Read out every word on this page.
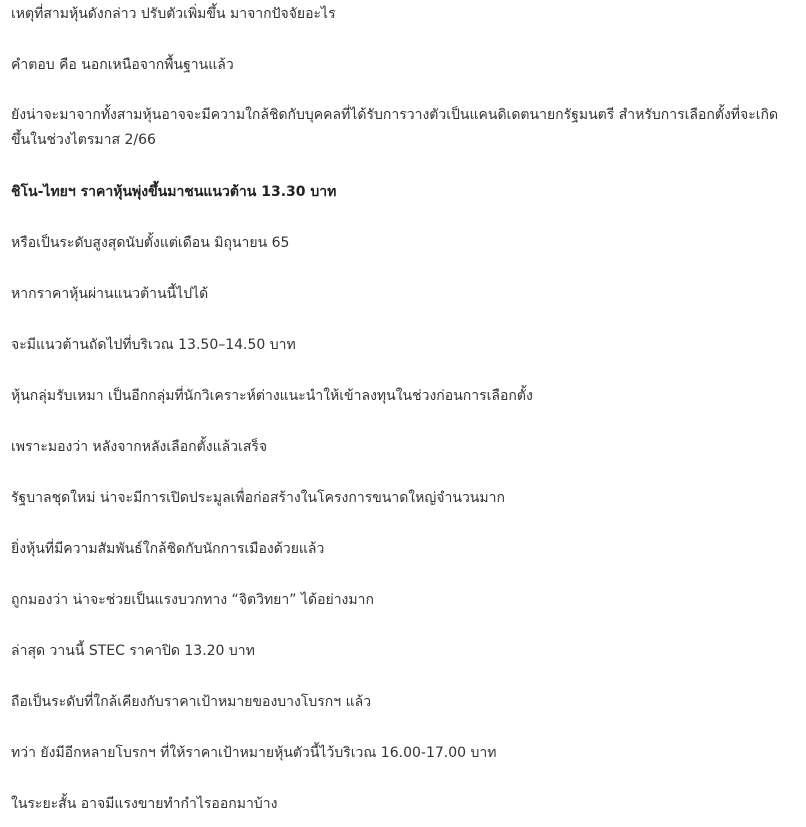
เหตุที่สามหุ้นดังกล่าว ปรับตัวเพิ่มขึ้น มาจากปัจจัยอะไร

คำตอบ คือ นอกเหนือจากพื้นฐานแล้ว

ยังน่าจะมาจากทั้งสามหุ้นอาจจะมีความใกล้ชิดกับบุคคลที่ได้รับการวางตัวเป็นแคนดิเดตนายกรัฐมนตรี สำหรับการเลือกตั้งที่จะเกิดขึ้นในช่วงไตรมาส 2/66

ชิโน-ไทยฯ ราคาหุ้นพุ่งขึ้นมาชนแนวต้าน 13.30 บาท

หรือเป็นระดับสูงสุดนับตั้งแต่เดือน มิถุนายน 65

หากราคาหุ้นผ่านแนวต้านนี้ไปได้

จะมีแนวต้านถัดไปที่บริเวณ 13.50–14.50 บาท

หุ้นกลุ่มรับเหมา เป็นอีกกลุ่มที่นักวิเคราะห์ต่างแนะนำให้เข้าลงทุนในช่วงก่อนการเลือกตั้ง

เพราะมองว่า หลังจากหลังเลือกตั้งแล้วเสร็จ

รัฐบาลชุดใหม่ น่าจะมีการเปิดประมูลเพื่อก่อสร้างในโครงการขนาดใหญ่จำนวนมาก

ยิ่งหุ้นที่มีความสัมพันธ์ใกล้ชิดกับนักการเมืองด้วยแล้ว

ถูกมองว่า น่าจะช่วยเป็นแรงบวกทาง “จิตวิทยา” ได้อย่างมาก

ล่าสุด วานนี้ STEC ราคาปิด 13.20 บาท

ถือเป็นระดับที่ใกล้เคียงกับราคาเป้าหมายของบางโบรกฯ แล้ว

ทว่า ยังมีอีกหลายโบรกฯ ที่ให้ราคาเป้าหมายหุ้นตัวนี้ไว้บริเวณ 16.00-17.00 บาท

ในระยะสั้น อาจมีแรงขายทำกำไรออกมาบ้าง
